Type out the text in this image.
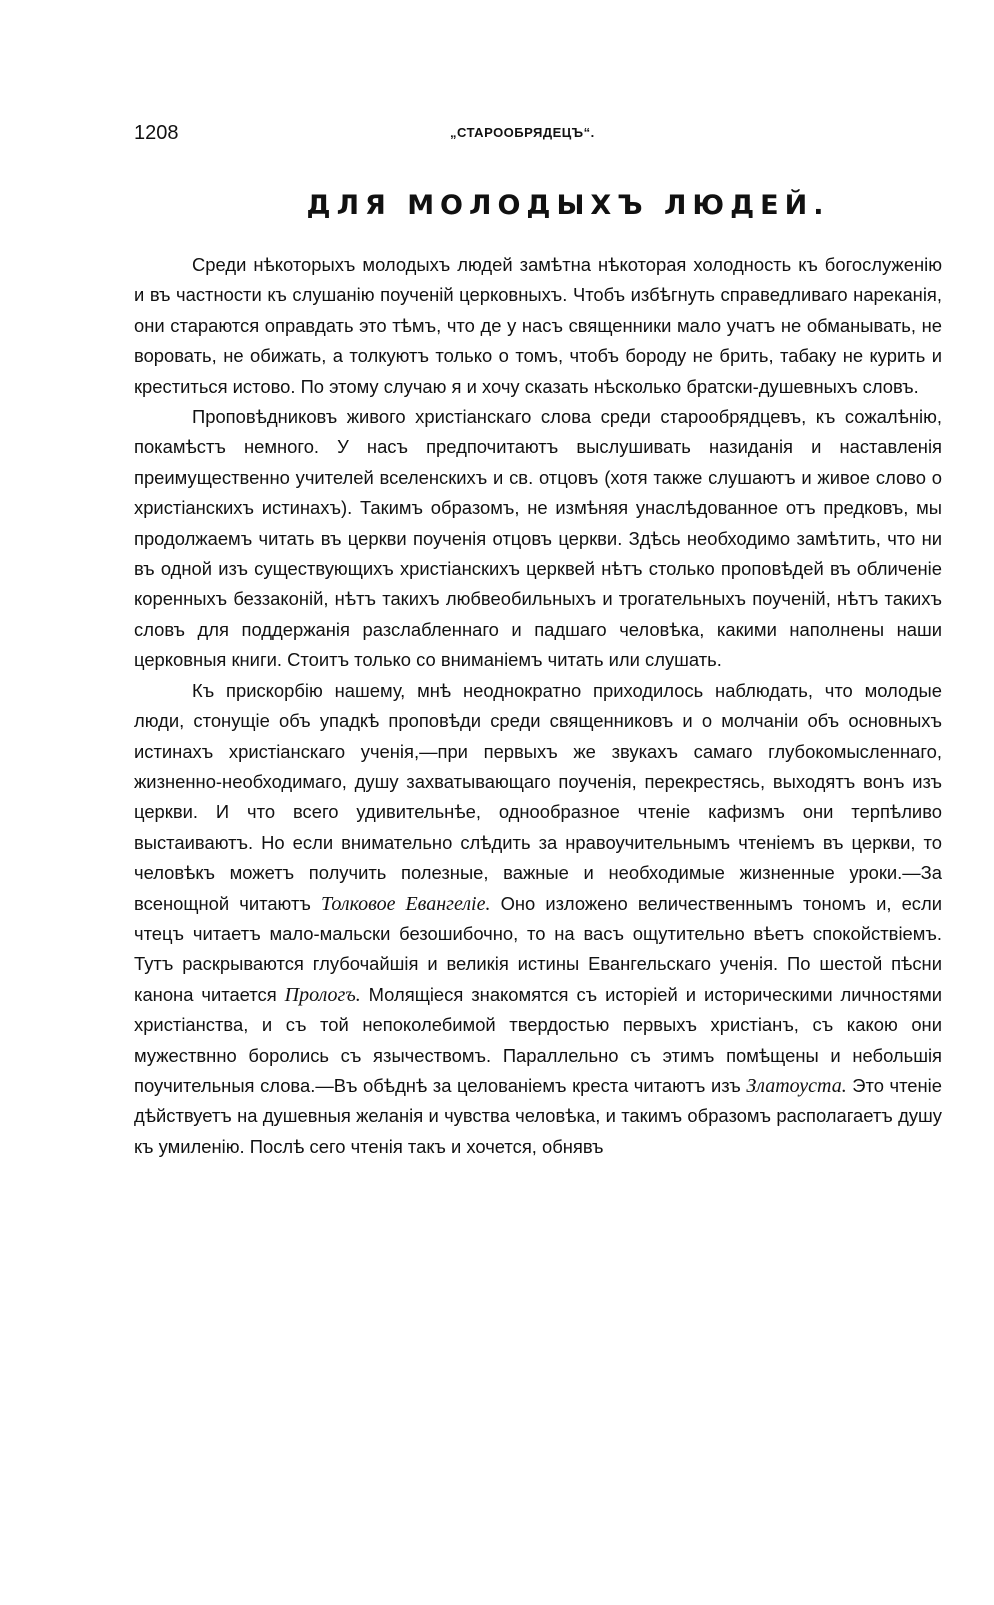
1208	„СТАРООБРЯДЕЦЪ“.
ДЛЯ МОЛОДЫХЪ ЛЮДЕЙ.

Среди нѣкоторыхъ молодыхъ людей замѣтна нѣкоторая холодность къ богослуженію и въ частности къ слушанію поученій церковныхъ. Чтобъ избѣгнуть справедливаго нареканія, они стараются оправдать это тѣмъ, что де у насъ священники мало учатъ не обманывать, не воровать, не обижать, а толкуютъ только о томъ, чтобъ бороду не брить, табаку не курить и креститься истово. По этому случаю я и хочу сказать нѣсколько братски-душевныхъ словъ.

Проповѣдниковъ живого христіанскаго слова среди старообрядцевъ, къ сожалѣнію, покамѣстъ немного. У насъ предпочитаютъ выслушивать назиданія и наставленія преимущественно учителей вселенскихъ и св. отцовъ (хотя также слушаютъ и живое слово о христіанскихъ истинахъ). Такимъ образомъ, не измѣняя унаслѣдованное отъ предковъ, мы продолжаемъ читать въ церкви поученія отцовъ церкви. Здѣсь необходимо замѣтить, что ни въ одной изъ существующихъ христіанскихъ церквей нѣтъ столько проповѣдей въ обличеніе коренныхъ беззаконій, нѣтъ такихъ любвеобильныхъ и трогательныхъ поученій, нѣтъ такихъ словъ для поддержанія разслабленнаго и падшаго человѣка, какими наполнены наши церковныя книги. Стоитъ только со вниманіемъ читать или слушать.

Къ прискорбію нашему, мнѣ неоднократно приходилось наблюдать, что молодые люди, стонущіе объ упадкѣ проповѣди среди священниковъ и о молчаніи объ основныхъ истинахъ христіанскаго ученія,—при первыхъ же звукахъ самаго глубокомысленнаго, жизненно-необходимаго, душу захватывающаго поученія, перекрестясь, выходятъ вонъ изъ церкви. И что всего удивительнѣе, однообразное чтеніе кафизмъ они терпѣливо выстаиваютъ. Но если внимательно слѣдить за нравоучительнымъ чтеніемъ въ церкви, то человѣкъ можетъ получить полезные, важные и необходимые жизненные уроки.—За всенощной читаютъ Толковое Евангеліе. Оно изложено величественнымъ тономъ и, если чтецъ читаетъ мало-мальски безошибочно, то на васъ ощутительно вѣетъ спокойствіемъ. Тутъ раскрываются глубочайшія и великія истины Евангельскаго ученія. По шестой пѣсни канона читается Прологъ. Молящіеся знакомятся съ исторіей и историческими личностями христіанства, и съ той непоколебимой твердостью первыхъ христіанъ, съ какою они мужествнно боролись съ язычествомъ. Параллельно съ этимъ помѣщены и небольшія поучительныя слова.—Въ обѣднѣ за целованіемъ креста читаютъ изъ Златоуста. Это чтеніе дѣйствуетъ на душевныя желанія и чувства человѣка, и такимъ образомъ располагаетъ душу къ умиленію. Послѣ сего чтенія такъ и хочется, обнявъ
